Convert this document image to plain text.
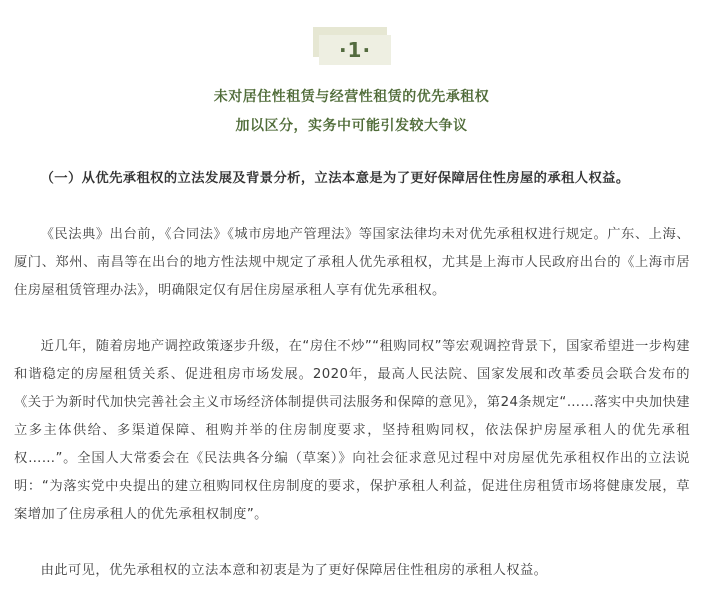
·1·
未对居住性租赁与经营性租赁的优先承租权
加以区分，实务中可能引发较大争议

（一）从优先承租权的立法发展及背景分析，立法本意是为了更好保障居住性房屋的承租人权益。

《民法典》出台前，《合同法》《城市房地产管理法》等国家法律均未对优先承租权进行规定。广东、上海、厦门、郑州、南昌等在出台的地方性法规中规定了承租人优先承租权，尤其是上海市人民政府出台的《上海市居住房屋租赁管理办法》，明确限定仅有居住房屋承租人享有优先承租权。

近几年，随着房地产调控政策逐步升级，在“房住不炒”“租购同权”等宏观调控背景下，国家希望进一步构建和谐稳定的房屋租赁关系、促进租房市场发展。2020年，最高人民法院、国家发展和改革委员会联合发布的《关于为新时代加快完善社会主义市场经济体制提供司法服务和保障的意见》，第24条规定“……落实中央加快建立多主体供给、多渠道保障、租购并举的住房制度要求，坚持租购同权，依法保护房屋承租人的优先承租权……”。全国人大常委会在《民法典各分编（草案）》向社会征求意见过程中对房屋优先承租权作出的立法说明：“为落实党中央提出的建立租购同权住房制度的要求，保护承租人利益，促进住房租赁市场将健康发展，草案增加了住房承租人的优先承租权制度”。

由此可见，优先承租权的立法本意和初衷是为了更好保障居住性租房的承租人权益。
